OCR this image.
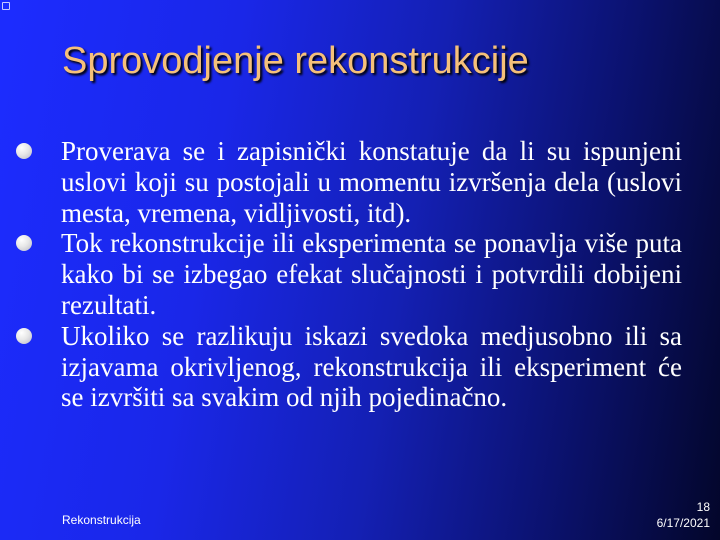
Sprovodjenje rekonstrukcije
Proverava se i zapisnički konstatuje da li su ispunjeni uslovi koji su postojali u momentu izvršenja dela (uslovi mesta, vremena, vidljivosti, itd).
Tok rekonstrukcije ili eksperimenta se ponavlja više puta kako bi se izbegao efekat slučajnosti i potvrdili dobijeni rezultati.
Ukoliko se razlikuju iskazi svedoka medjusobno ili sa izjavama okrivljenog, rekonstrukcija ili eksperiment će se izvršiti sa svakim od njih pojedinačno.
Rekonstrukcija
18
6/17/2021
